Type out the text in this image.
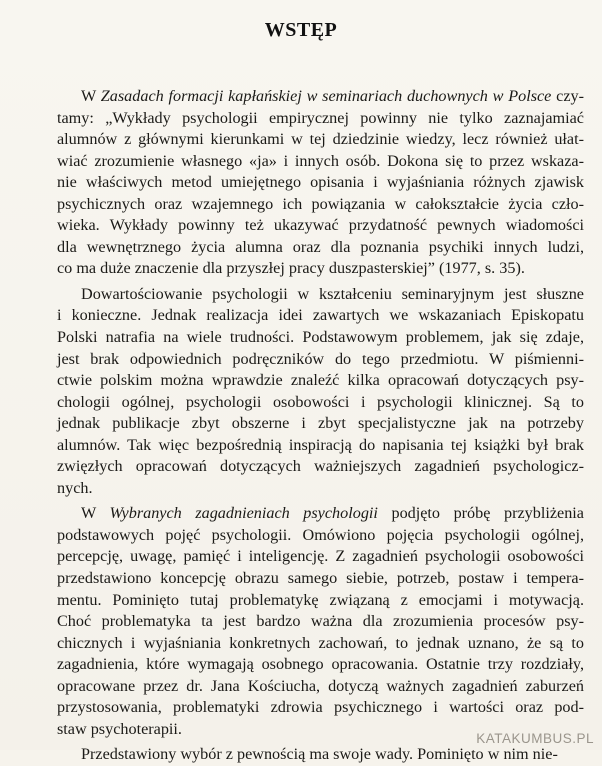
WSTĘP
W Zasadach formacji kapłańskiej w seminariach duchownych w Polsce czy-
tamy: „Wykłady psychologii empirycznej powinny nie tylko zaznajamiać
alumnów z głównymi kierunkami w tej dziedzinie wiedzy, lecz również ułat-
wiać zrozumienie własnego «ja» i innych osób. Dokona się to przez wskaza-
nie właściwych metod umiejętnego opisania i wyjaśniania różnych zjawisk
psychicznych oraz wzajemnego ich powiązania w całokształcie życia czło-
wieka. Wykłady powinny też ukazywać przydatność pewnych wiadomości
dla wewnętrznego życia alumna oraz dla poznania psychiki innych ludzi,
co ma duże znaczenie dla przyszłej pracy duszpasterskiej” (1977, s. 35).
Dowartościowanie psychologii w kształceniu seminaryjnym jest słuszne
i konieczne. Jednak realizacja idei zawartych we wskazaniach Episkopatu
Polski natrafia na wiele trudności. Podstawowym problemem, jak się zdaje,
jest brak odpowiednich podręczników do tego przedmiotu. W piśmienni-
ctwie polskim można wprawdzie znaleźć kilka opracowań dotyczących psy-
chologii ogólnej, psychologii osobowości i psychologii klinicznej. Są to
jednak publikacje zbyt obszerne i zbyt specjalistyczne jak na potrzeby
alumnów. Tak więc bezpośrednią inspiracją do napisania tej książki był brak
zwięzłych opracowań dotyczących ważniejszych zagadnień psychologicz-
nych.
W Wybranych zagadnieniach psychologii podjęto próbę przybliżenia
podstawowych pojęć psychologii. Omówiono pojęcia psychologii ogólnej,
percepcję, uwagę, pamięć i inteligencję. Z zagadnień psychologii osobowości
przedstawiono koncepcję obrazu samego siebie, potrzeb, postaw i tempera-
mentu. Pominięto tutaj problematykę związaną z emocjami i motywacją.
Choć problematyka ta jest bardzo ważna dla zrozumienia procesów psy-
chicznych i wyjaśniania konkretnych zachowań, to jednak uznano, że są to
zagadnienia, które wymagają osobnego opracowania. Ostatnie trzy rozdziały,
opracowane przez dr. Jana Kościucha, dotyczą ważnych zagadnień zaburzeń
przystosowania, problematyki zdrowia psychicznego i wartości oraz pod-
staw psychoterapii.
Przedstawiony wybór z pewnością ma swoje wady. Pominięto w nim nie-
KATAKUMBUS.PL
